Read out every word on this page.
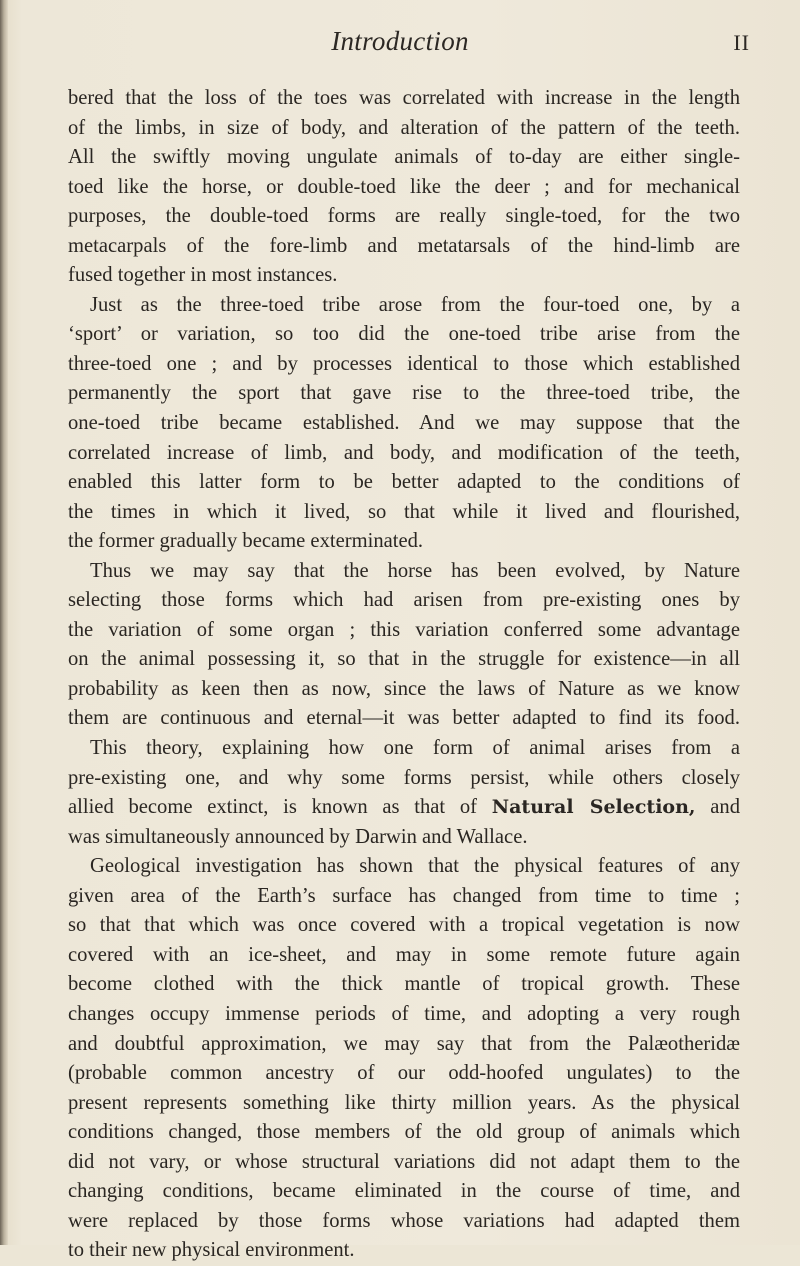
Introduction	II
bered that the loss of the toes was correlated with increase in the length
of the limbs, in size of body, and alteration of the pattern of the teeth.
All the swiftly moving ungulate animals of to-day are either single-
toed like the horse, or double-toed like the deer ; and for mechanical
purposes, the double-toed forms are really single-toed, for the two
metacarpals of the fore-limb and metatarsals of the hind-limb are
fused together in most instances.
Just as the three-toed tribe arose from the four-toed one, by a
‘sport’ or variation, so too did the one-toed tribe arise from the
three-toed one ; and by processes identical to those which established
permanently the sport that gave rise to the three-toed tribe, the
one-toed tribe became established. And we may suppose that the
correlated increase of limb, and body, and modification of the teeth,
enabled this latter form to be better adapted to the conditions of
the times in which it lived, so that while it lived and flourished,
the former gradually became exterminated.
Thus we may say that the horse has been evolved, by Nature
selecting those forms which had arisen from pre-existing ones by
the variation of some organ ; this variation conferred some advantage
on the animal possessing it, so that in the struggle for existence—in all
probability as keen then as now, since the laws of Nature as we know
them are continuous and eternal—it was better adapted to find its food.
This theory, explaining how one form of animal arises from a
pre-existing one, and why some forms persist, while others closely
allied become extinct, is known as that of Natural Selection, and
was simultaneously announced by Darwin and Wallace.
Geological investigation has shown that the physical features of any
given area of the Earth’s surface has changed from time to time ;
so that that which was once covered with a tropical vegetation is now
covered with an ice-sheet, and may in some remote future again
become clothed with the thick mantle of tropical growth. These
changes occupy immense periods of time, and adopting a very rough
and doubtful approximation, we may say that from the Palæotheridæ
(probable common ancestry of our odd-hoofed ungulates) to the
present represents something like thirty million years. As the physical
conditions changed, those members of the old group of animals which
did not vary, or whose structural variations did not adapt them to the
changing conditions, became eliminated in the course of time, and
were replaced by those forms whose variations had adapted them
to their new physical environment.
